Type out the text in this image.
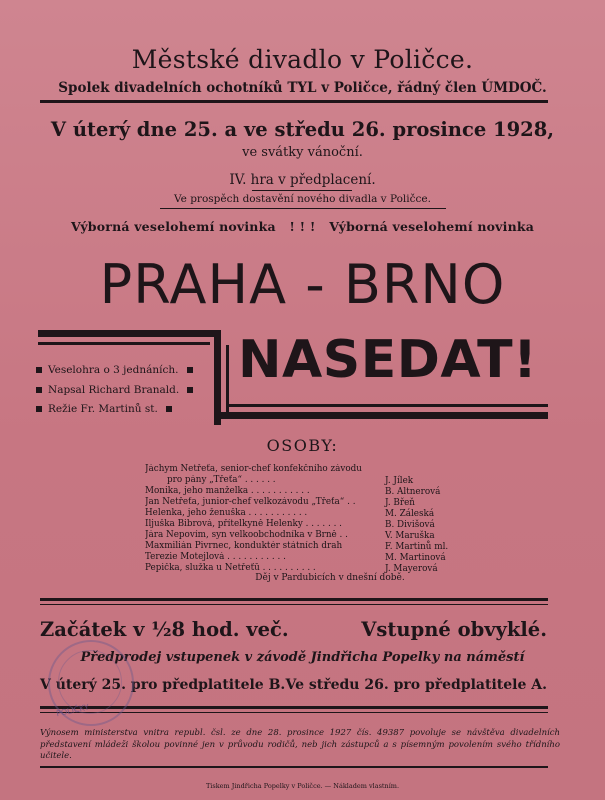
Městské divadlo v Poličce.
Spolek divadelních ochotníků TYL v Poličce, řádný člen ÚMDOČ.
V úterý dne 25. a ve středu 26. prosince 1928,
ve svátky vánoční.
IV. hra v předplacení.
Ve prospěch dostavění nového divadla v Poličce.
Výborná veselohemí novinka   ! ! !   Výborná veselohemí novinka
PRAHA - BRNO
NASEDAT!
Veselohra o 3 jednáních.
Napsal Richard Branald.
Režie Fr. Martinů st.
OSOBY:
Jáchym Netřeťa, senior-chef konfekčního závodu
pro pány „Třeťa“ . . . . . .
Monika, jeho manželka . . . . . . . . . . .
Jan Netřeťa, junior-chef velkozávodu „Třeťa“ . .
Helenka, jeho ženuška . . . . . . . . . . .
Iljuška Bibrová, přítelkyně Helenky . . . . . . .
Jára Nepovím, syn velkoobchodníka v Brně . .
Maxmilián Pivrnec, konduktér státních drah
Terezie Motejlová . . . . . . . . . . .
Pepička, služka u Netřeťů . . . . . . . . . .
J. Jílek
B. Altnerová
J. Břeň
M. Záleská
B. Divišová
V. Maruška
F. Martinů ml.
M. Martinová
J. Mayerová
Děj v Pardubicích v dnešní době.
Začátek v ½8 hod. več.	Vstupné obvyklé.
Předprodej vstupenek v závodě Jindřicha Popelky na náměstí
V úterý 25. pro předplatitele B. Ve středu 26. pro předplatitele A.
Výnosem ministerstva vnitra republ. čsl. ze dne 28. prosince 1927 čís. 49387 povoluje se návštěva divadelních představení mládeži školou povinné jen v průvodu rodičů, neb jich zástupců a s písemným povolením svého třídního učitele.
Tiskem Jindřicha Popelky v Poličce. — Nákladem vlastním.
POLIČKY
